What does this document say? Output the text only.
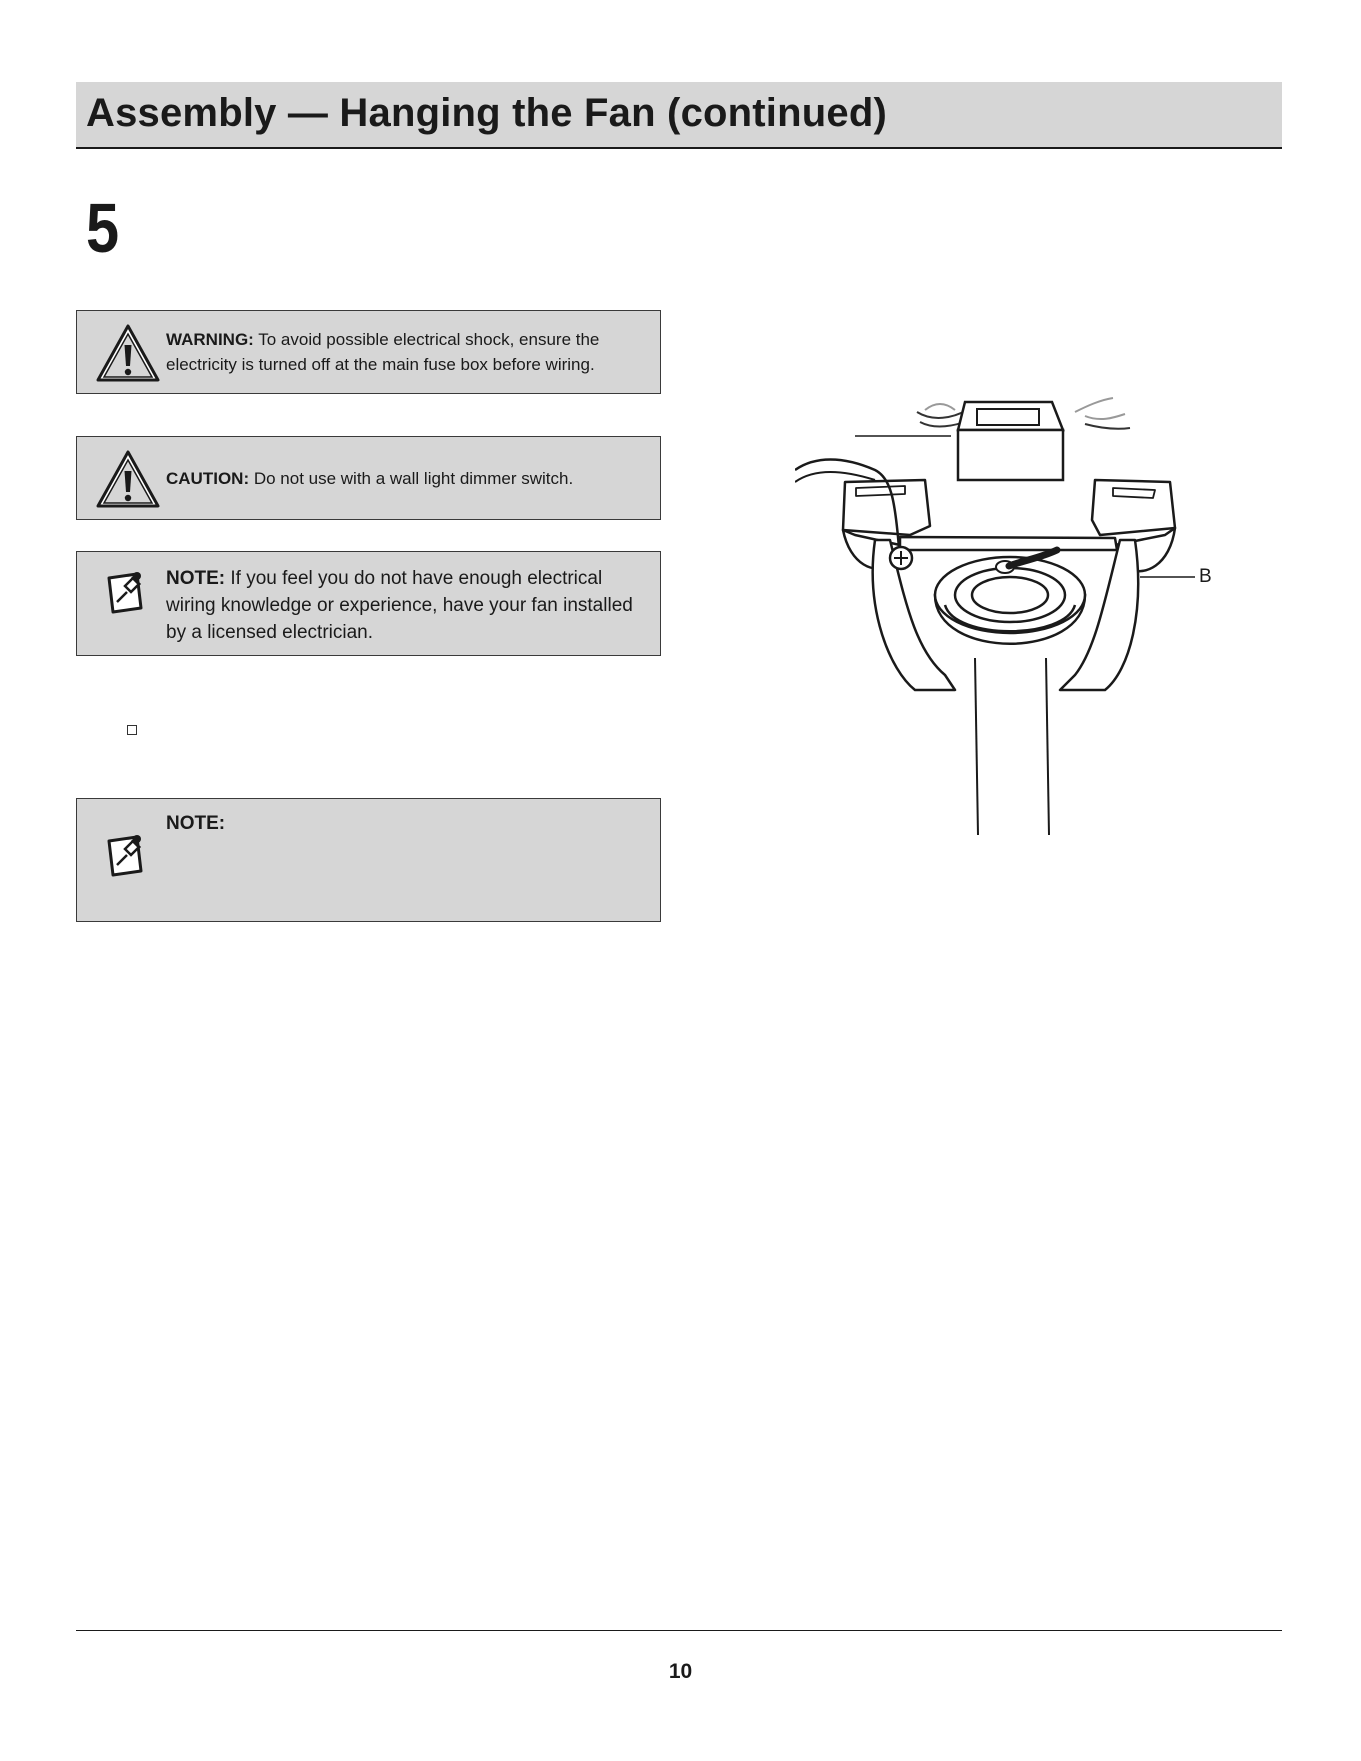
Assembly — Hanging the Fan (continued)
5
WARNING: To avoid possible electrical shock, ensure the electricity is turned off at the main fuse box before wiring.
CAUTION: Do not use with a wall light dimmer switch.
NOTE: If you feel you do not have enough electrical wiring knowledge or experience, have your fan installed by a licensed electrician.
NOTE:
B
10
